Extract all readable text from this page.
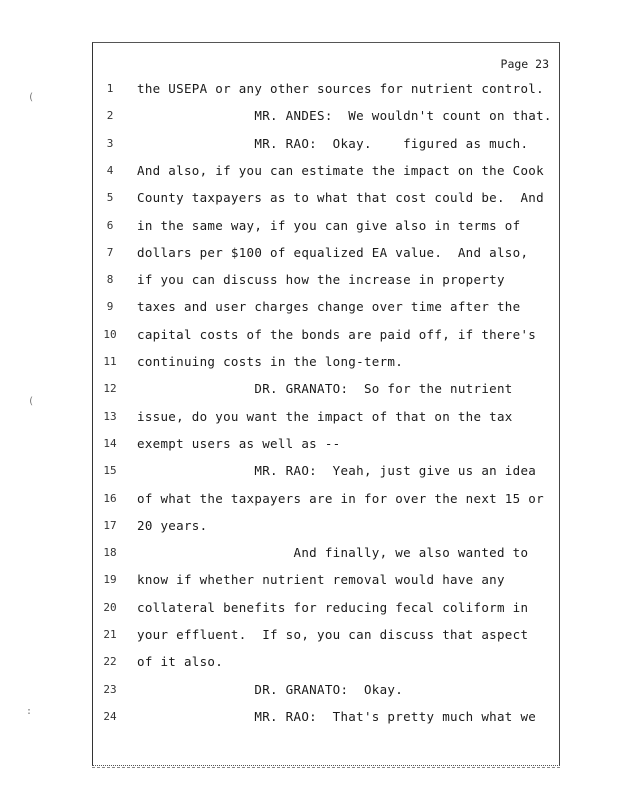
Page 23
1	the USEPA or any other sources for nutrient control.
2	MR. ANDES:  We wouldn't count on that.
3	MR. RAO:  Okay.    figured as much.
4	And also, if you can estimate the impact on the Cook
5	County taxpayers as to what that cost could be.  And
6	in the same way, if you can give also in terms of
7	dollars per $100 of equalized EA value.  And also,
8	if you can discuss how the increase in property
9	taxes and user charges change over time after the
10	capital costs of the bonds are paid off, if there's
11	continuing costs in the long-term.
12	DR. GRANATO:  So for the nutrient
13	issue, do you want the impact of that on the tax
14	exempt users as well as --
15	MR. RAO:  Yeah, just give us an idea
16	of what the taxpayers are in for over the next 15 or
17	20 years.
18	And finally, we also wanted to
19	know if whether nutrient removal would have any
20	collateral benefits for reducing fecal coliform in
21	your effluent.  If so, you can discuss that aspect
22	of it also.
23	DR. GRANATO:  Okay.
24	MR. RAO:  That's pretty much what we
(
(
:
